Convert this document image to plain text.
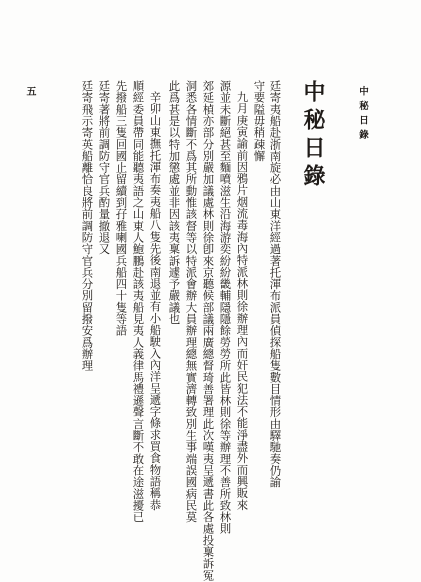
中秘日錄
五	中秘日錄
廷寄夷船赴浙南旋必由山東洋經過著托渾布派員偵探船隻數目情形由驛馳奏仍諭
守要隘毋稍疎懈
九月庚寅諭前因鴉片烟流毒海內特派林則徐辦理內而奸民犯法不能淨盡外而興販來
源並未斷絕甚至麵噴滋生沿海游奕紛紛畿輔隱隱餘勞勞所此皆林則徐等辦理不善所致林則
郊延楨亦部分別嚴加議處林則徐卽來京聽候部議兩廣總督琦善署理此次嘆夷呈遞書此各處投稟訴冤
洞悉各情斷不爲其所動惟該督等以特派會辦大員辦理總無實濟轉致別生事端誤國病民莫
此爲甚是以特加懲處並非因該夷稟訴遽予嚴議也
辛卯山東撫托渾布奏夷船八隻先後南退並有小船駛入內洋呈遞字條求買食物語稱恭
順經委員帶同能聽夷語之山東人鮑鵬赴該夷船見夷人義律馬禮遜聲言斷不敢在途滋擾已
先撥船三隻回國止留續到孖雅喇國兵船四十隻等語
廷寄著將前調防守官兵酌量撤退又
廷寄飛示寄英船離恰良將前調防守官兵分別留撥安爲辦理
